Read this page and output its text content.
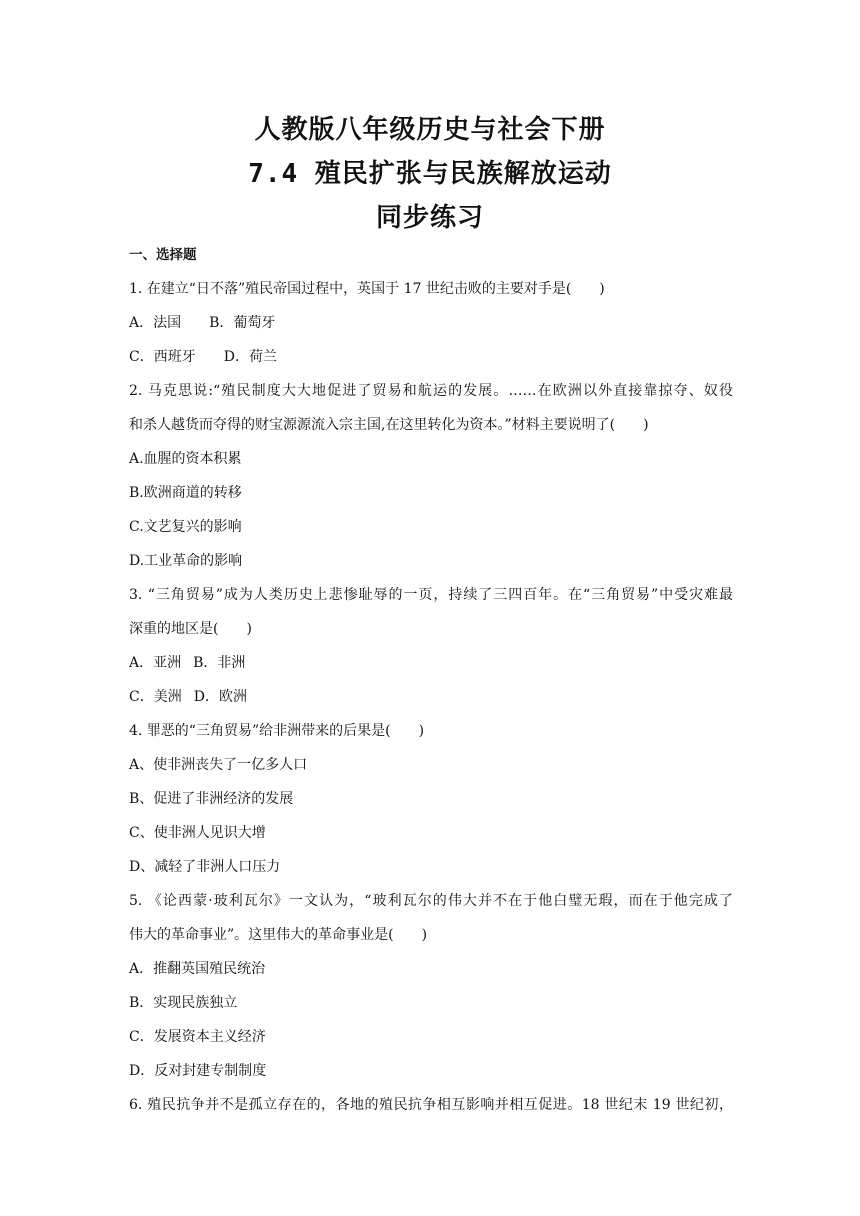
人教版八年级历史与社会下册
7.4 殖民扩张与民族解放运动
同步练习
一、选择题
1. 在建立“日不落”殖民帝国过程中，英国于 17 世纪击败的主要对手是(　　)
A．法国 B．葡萄牙
C．西班牙 D．荷兰
2. 马克思说:“殖民制度大大地促进了贸易和航运的发展。……在欧洲以外直接靠掠夺、奴役
和杀人越货而夺得的财宝源源流入宗主国,在这里转化为资本。”材料主要说明了(　　)
A.血腥的资本积累
B.欧洲商道的转移
C.文艺复兴的影响
D.工业革命的影响
3. “三角贸易”成为人类历史上悲惨耻辱的一页，持续了三四百年。在“三角贸易”中受灾难最
深重的地区是(　　)
A．亚洲 B．非洲
C．美洲 D．欧洲
4. 罪恶的“三角贸易”给非洲带来的后果是(　　)
A、使非洲丧失了一亿多人口
B、促进了非洲经济的发展
C、使非洲人见识大增
D、减轻了非洲人口压力
5. 《论西蒙·玻利瓦尔》一文认为，“玻利瓦尔的伟大并不在于他白璧无瑕，而在于他完成了
伟大的革命事业”。这里伟大的革命事业是(　　)
A．推翻英国殖民统治
B．实现民族独立
C．发展资本主义经济
D．反对封建专制制度
6. 殖民抗争并不是孤立存在的，各地的殖民抗争相互影响并相互促进。18 世纪末 19 世纪初，
